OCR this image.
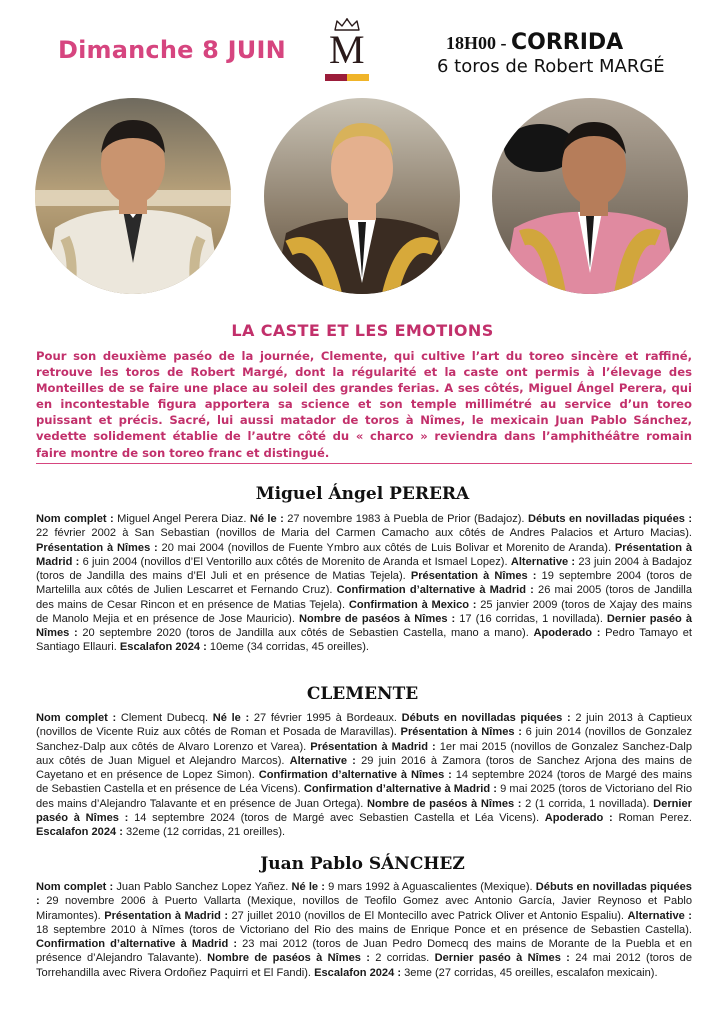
Dimanche 8 JUIN M	18H00 - CORRIDA
6 toros de Robert MARGÉ
LA CASTE ET LES EMOTIONS
Pour son deuxième paséo de la journée, Clemente, qui cultive l’art du toreo sincère et raffiné, retrouve les toros de Robert Margé, dont la régularité et la caste ont permis à l’élevage des Monteilles de se faire une place au soleil des grandes ferias. A ses côtés, Miguel Ángel Perera, qui en incontestable figura apportera sa science et son temple millimétré au service d’un toreo puissant et précis. Sacré, lui aussi matador de toros à Nîmes, le mexicain Juan Pablo Sánchez, vedette solidement établie de l’autre côté du « charco » reviendra dans l’amphithéâtre romain faire montre de son toreo franc et distingué.
Miguel Ángel PERERA
Nom complet : Miguel Angel Perera Diaz. Né le : 27 novembre 1983 à Puebla de Prior (Badajoz). Débuts en novilladas piquées : 22 février 2002 à San Sebastian (novillos de Maria del Carmen Camacho aux côtés de Andres Palacios et Arturo Macias). Présentation à Nîmes : 20 mai 2004 (novillos de Fuente Ymbro aux côtés de Luis Bolivar et Morenito de Aranda). Présentation à Madrid : 6 juin 2004 (novillos d’El Ventorillo aux côtés de Morenito de Aranda et Ismael Lopez). Alternative : 23 juin 2004 à Badajoz (toros de Jandilla des mains d’El Juli et en présence de Matias Tejela). Présentation à Nîmes : 19 septembre 2004 (toros de Martelilla aux côtés de Julien Lescarret et Fernando Cruz). Confirmation d’alternative à Madrid : 26 mai 2005 (toros de Jandilla des mains de Cesar Rincon et en présence de Matias Tejela). Confirmation à Mexico : 25 janvier 2009 (toros de Xajay des mains de Manolo Mejia et en présence de Jose Mauricio). Nombre de paséos à Nîmes : 17 (16 corridas, 1 novillada). Dernier paséo à Nîmes : 20 septembre 2020 (toros de Jandilla aux côtés de Sebastien Castella, mano a mano). Apoderado : Pedro Tamayo et Santiago Ellauri. Escalafon 2024 : 10eme (34 corridas, 45 oreilles).
CLEMENTE
Nom complet : Clement Dubecq. Né le : 27 février 1995 à Bordeaux. Débuts en novilladas piquées : 2 juin 2013 à Captieux (novillos de Vicente Ruiz aux côtés de Roman et Posada de Maravillas). Présentation à Nîmes : 6 juin 2014 (novillos de Gonzalez Sanchez-Dalp aux côtés de Alvaro Lorenzo et Varea). Présentation à Madrid : 1er mai 2015 (novillos de Gonzalez Sanchez-Dalp aux côtés de Juan Miguel et Alejandro Marcos). Alternative : 29 juin 2016 à Zamora (toros de Sanchez Arjona des mains de Cayetano et en présence de Lopez Simon). Confirmation d’alternative à Nîmes : 14 septembre 2024 (toros de Margé des mains de Sebastien Castella et en présence de Léa Vicens). Confirmation d’alternative à Madrid : 9 mai 2025 (toros de Victoriano del Rio des mains d’Alejandro Talavante et en présence de Juan Ortega). Nombre de paséos à Nîmes : 2 (1 corrida, 1 novillada). Dernier paséo à Nîmes : 14 septembre 2024 (toros de Margé avec Sebastien Castella et Léa Vicens). Apoderado : Roman Perez. Escalafon 2024 : 32eme (12 corridas, 21 oreilles).
Juan Pablo SÁNCHEZ
Nom complet : Juan Pablo Sanchez Lopez Yañez. Né le : 9 mars 1992 à Aguascalientes (Mexique). Débuts en novilladas piquées : 29 novembre 2006 à Puerto Vallarta (Mexique, novillos de Teofilo Gomez avec Antonio García, Javier Reynoso et Pablo Miramontes). Présentation à Madrid : 27 juillet 2010 (novillos de El Montecillo avec Patrick Oliver et Antonio Espaliu). Alternative : 18 septembre 2010 à Nîmes (toros de Victoriano del Rio des mains de Enrique Ponce et en présence de Sebastien Castella). Confirmation d’alternative à Madrid : 23 mai 2012 (toros de Juan Pedro Domecq des mains de Morante de la Puebla et en présence d’Alejandro Talavante). Nombre de paséos à Nîmes : 2 corridas. Dernier paséo à Nîmes : 24 mai 2012 (toros de Torrehandilla avec Rivera Ordoñez Paquirri et El Fandi). Escalafon 2024 : 3eme (27 corridas, 45 oreilles, escalafon mexicain).
